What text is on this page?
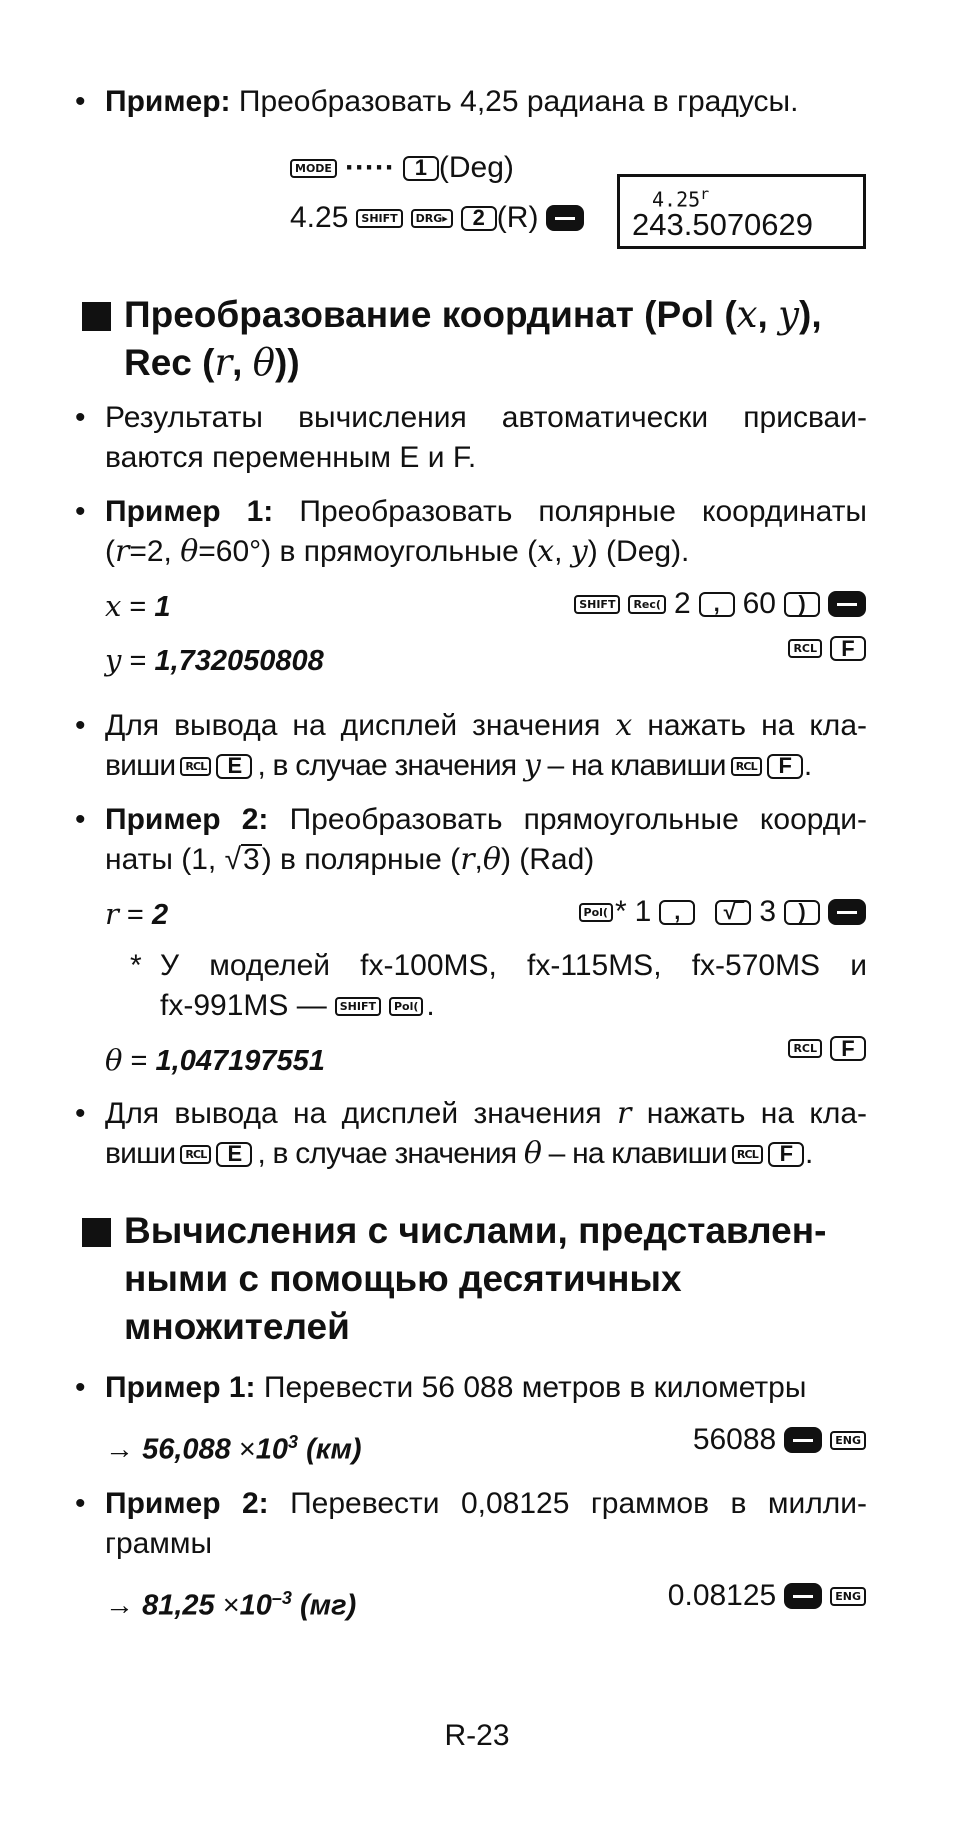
• Пример: Преобразовать 4,25 радиана в градусы.
MODE ····· 1 (Deg)
4.25	SHIFT	DRG▸	2 (R)
4.25$^r$
243.5070629
Преобразование координат (Pol (x, y),
Rec (r, θ))
• Результаты вычисления автоматически присваи-
ваются переменным E и F.
• Пример 1: Преобразовать полярные координаты
(r=2, θ=60°) в прямоугольные (x, y) (Deg).
x = 1	SHIFT	Rec( 2	, 60	)
y = 1,732050808	RCL	F
• Для вывода на дисплей значения x нажать на кла-
виши RCL E , в случае значения y – на клавиши RCL F .
• Пример 2: Преобразовать прямоугольные коорди-
наты (1, √3) в полярные (r,θ) (Rad)
r = 2	Pol( * 1	,	√‾ 3	)
* У моделей fx-100MS, fx-115MS, fx-570MS и
fx-991MS —	SHIFT	Pol( .
θ = 1,047197551	RCL	F
• Для вывода на дисплей значения r нажать на кла-
виши RCL E , в случае значения θ – на клавиши RCL F .
Вычисления с числами, представлен-
ными с помощью десятичных
множителей
• Пример 1: Перевести 56 088 метров в километры
→ $56,088 \times 10^3$ (км)	56088	ENG
• Пример 2: Перевести 0,08125 граммов в милли-
граммы
→ $81,25 \times 10^{-3}$ (мг)	0.08125	ENG
R-23
